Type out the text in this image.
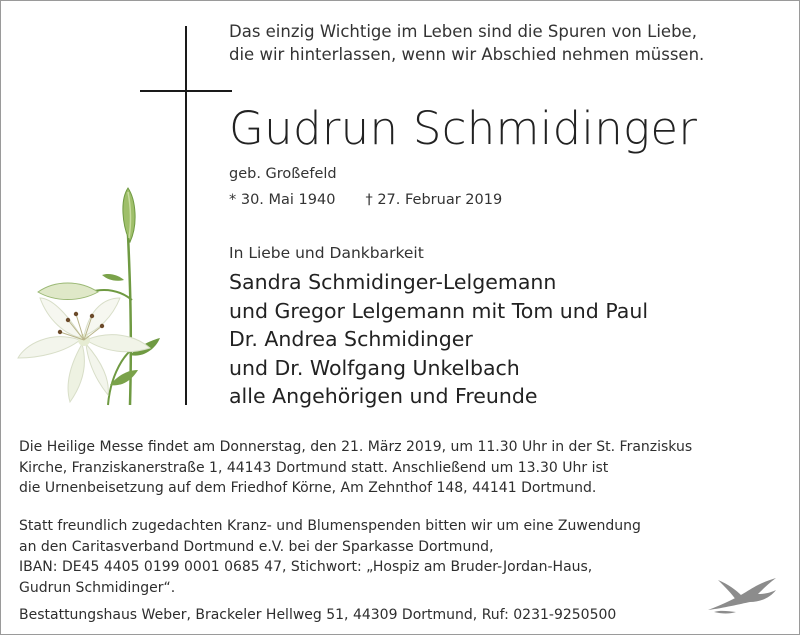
Das einzig Wichtige im Leben sind die Spuren von Liebe,
die wir hinterlassen, wenn wir Abschied nehmen müssen.
Gudrun Schmidinger
geb. Großefeld
* 30. Mai 1940 † 27. Februar 2019
In Liebe und Dankbarkeit
Sandra Schmidinger-Lelgemann
und Gregor Lelgemann mit Tom und Paul
Dr. Andrea Schmidinger
und Dr. Wolfgang Unkelbach
alle Angehörigen und Freunde
Die Heilige Messe findet am Donnerstag, den 21. März 2019, um 11.30 Uhr in der St. Franziskus
Kirche, Franziskanerstraße 1, 44143 Dortmund statt. Anschließend um 13.30 Uhr ist
die Urnenbeisetzung auf dem Friedhof Körne, Am Zehnthof 148, 44141 Dortmund.
Statt freundlich zugedachten Kranz- und Blumenspenden bitten wir um eine Zuwendung
an den Caritasverband Dortmund e.V. bei der Sparkasse Dortmund,
IBAN: DE45 4405 0199 0001 0685 47, Stichwort: „Hospiz am Bruder-Jordan-Haus,
Gudrun Schmidinger“.
Bestattungshaus Weber, Brackeler Hellweg 51, 44309 Dortmund, Ruf: 0231-9250500
